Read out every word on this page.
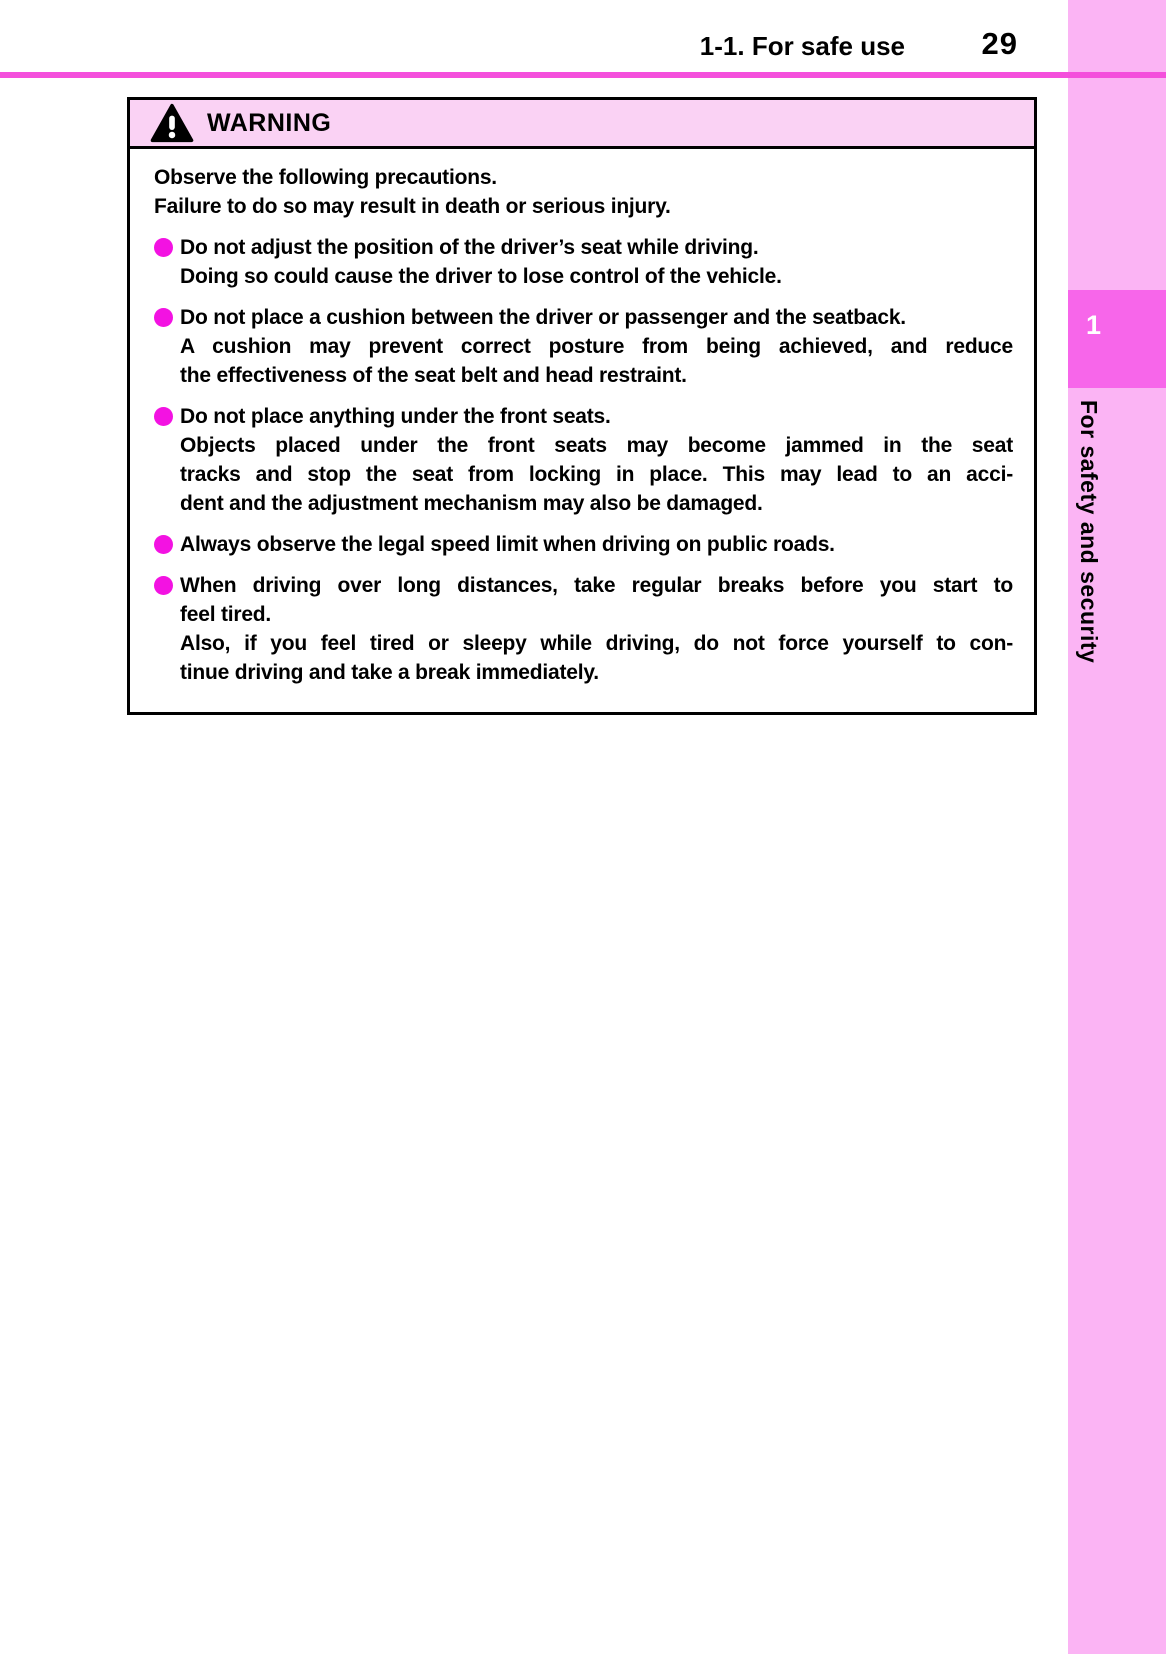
1
For safety and security
1-1. For safe use	29
WARNING
Observe the following precautions.
Failure to do so may result in death or serious injury.
Do not adjust the position of the driver’s seat while driving.
Doing so could cause the driver to lose control of the vehicle.
Do not place a cushion between the driver or passenger and the seatback.
A cushion may prevent correct posture from being achieved, and reduce
the effectiveness of the seat belt and head restraint.
Do not place anything under the front seats.
Objects placed under the front seats may become jammed in the seat
tracks and stop the seat from locking in place. This may lead to an acci-
dent and the adjustment mechanism may also be damaged.
Always observe the legal speed limit when driving on public roads.
When driving over long distances, take regular breaks before you start to
feel tired.
Also, if you feel tired or sleepy while driving, do not force yourself to con-
tinue driving and take a break immediately.
